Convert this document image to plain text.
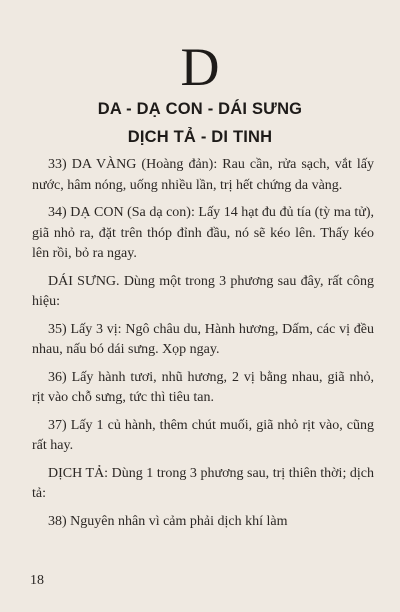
D
DA - DẠ CON - DÁI SƯNG
DỊCH TẢ - DI TINH

33) DA VÀNG (Hoàng đản): Rau cần, rửa sạch, vắt lấy nước, hâm nóng, uống nhiều lần, trị hết chứng da vàng.

34) DẠ CON (Sa dạ con): Lấy 14 hạt đu đủ tía (tỳ ma tử), giã nhỏ ra, đặt trên thóp đỉnh đầu, nó sẽ kéo lên. Thấy kéo lên rồi, bỏ ra ngay.

DÁI SƯNG. Dùng một trong 3 phương sau đây, rất công hiệu:

35) Lấy 3 vị: Ngô châu du, Hành hương, Dấm, các vị đều nhau, nấu bó dái sưng. Xọp ngay.

36) Lấy hành tươi, nhũ hương, 2 vị bằng nhau, giã nhỏ, rịt vào chỗ sưng, tức thì tiêu tan.

37) Lấy 1 củ hành, thêm chút muối, giã nhỏ rịt vào, cũng rất hay.

DỊCH TẢ: Dùng 1 trong 3 phương sau, trị thiên thời; dịch tả:

38) Nguyên nhân vì cảm phải dịch khí làm

18
